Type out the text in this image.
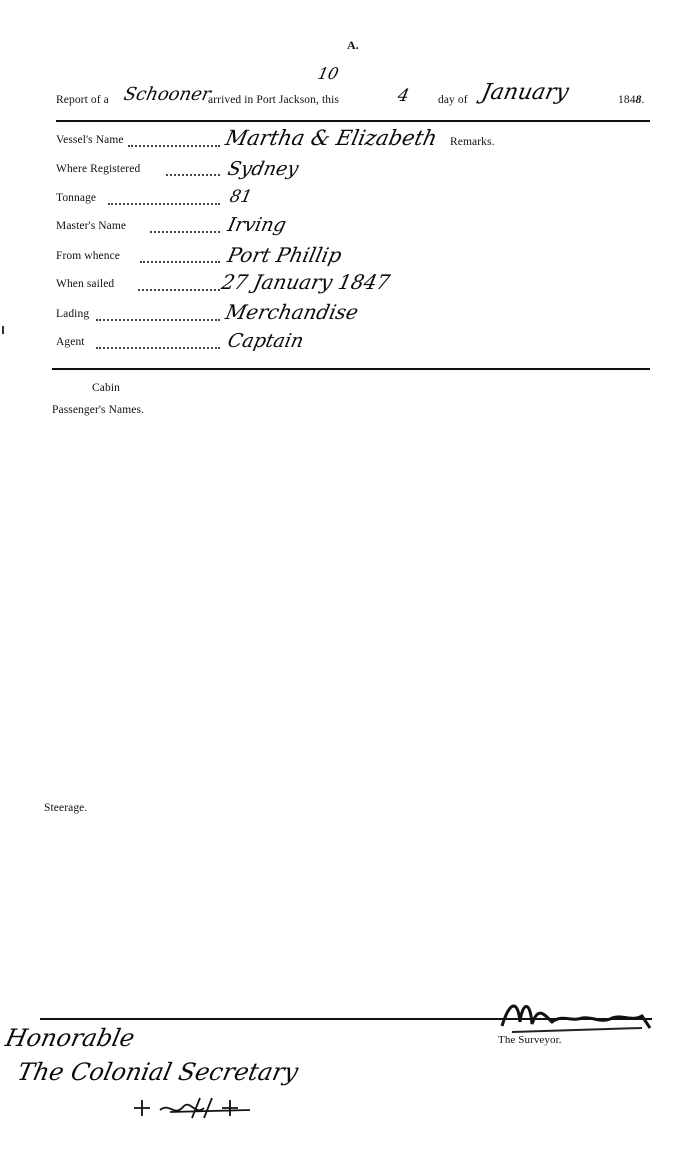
A.
Report of a Schooner
arrived in Port Jackson, this
10
4 day of January	1848.
Vessel's Name	Martha & Elizabeth Remarks.
Where Registered	Sydney
Tonnage	81
Master's Name	Irving
From whence	Port Phillip
When sailed	27 January 1847
Lading	Merchandise
Agent	Captain
Cabin
Passenger's Names.
Steerage.
The Surveyor.
Honorable
The Colonial Secretary
